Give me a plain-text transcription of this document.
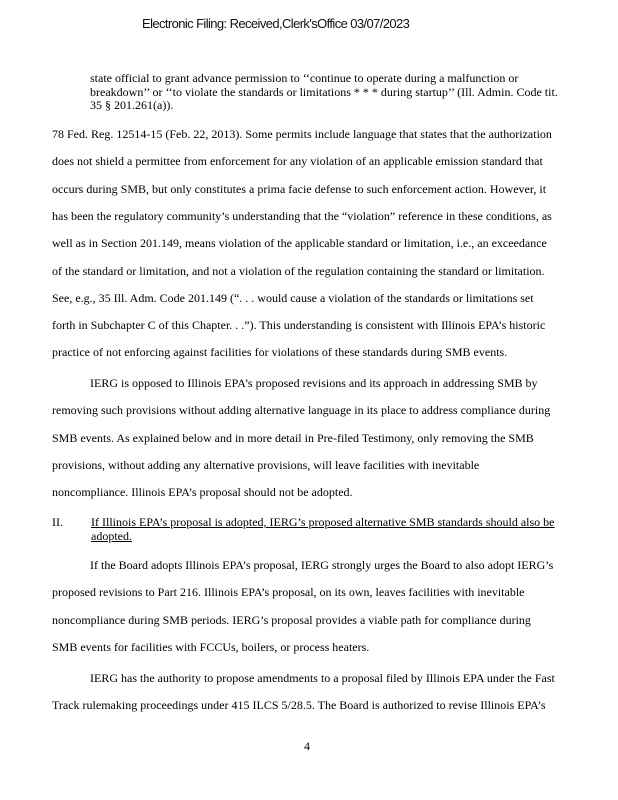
Electronic Filing: Received,Clerk'sOffice 03/07/2023
state official to grant advance permission to ‘‘continue to operate during a malfunction or breakdown’’ or ‘‘to violate the standards or limitations * * * during startup’’ (Ill. Admin. Code tit. 35 § 201.261(a)).
78 Fed. Reg. 12514-15 (Feb. 22, 2013). Some permits include language that states that the authorization
does not shield a permittee from enforcement for any violation of an applicable emission standard that
occurs during SMB, but only constitutes a prima facie defense to such enforcement action. However, it
has been the regulatory community’s understanding that the “violation” reference in these conditions, as
well as in Section 201.149, means violation of the applicable standard or limitation, i.e., an exceedance
of the standard or limitation, and not a violation of the regulation containing the standard or limitation.
See, e.g., 35 Ill. Adm. Code 201.149 (“. . . would cause a violation of the standards or limitations set
forth in Subchapter C of this Chapter. . .”). This understanding is consistent with Illinois EPA’s historic
practice of not enforcing against facilities for violations of these standards during SMB events.
IERG is opposed to Illinois EPA’s proposed revisions and its approach in addressing SMB by
removing such provisions without adding alternative language in its place to address compliance during
SMB events. As explained below and in more detail in Pre-filed Testimony, only removing the SMB
provisions, without adding any alternative provisions, will leave facilities with inevitable
noncompliance. Illinois EPA’s proposal should not be adopted.
If the Board adopts Illinois EPA’s proposal, IERG strongly urges the Board to also adopt IERG’s
proposed revisions to Part 216. Illinois EPA’s proposal, on its own, leaves facilities with inevitable
noncompliance during SMB periods. IERG’s proposal provides a viable path for compliance during
SMB events for facilities with FCCUs, boilers, or process heaters.
IERG has the authority to propose amendments to a proposal filed by Illinois EPA under the Fast
Track rulemaking proceedings under 415 ILCS 5/28.5. The Board is authorized to revise Illinois EPA’s
II. If Illinois EPA’s proposal is adopted, IERG’s proposed alternative SMB standards should also be adopted.
4
